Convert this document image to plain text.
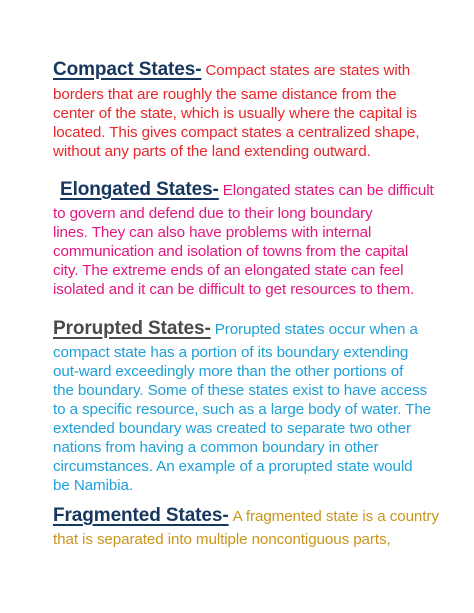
Compact States- Compact states are states with
borders that are roughly the same distance from the
center of the state, which is usually where the capital is
located. This gives compact states a centralized shape,
without any parts of the land extending outward.
Elongated States- Elongated states can be difficult
to govern and defend due to their long boundary
lines. They can also have problems with internal
communication and isolation of towns from the capital
city. The extreme ends of an elongated state can feel
isolated and it can be difficult to get resources to them.
Prorupted States- Prorupted states occur when a
compact state has a portion of its boundary extending
out-ward exceedingly more than the other portions of
the boundary. Some of these states exist to have access
to a specific resource, such as a large body of water. The
extended boundary was created to separate two other
nations from having a common boundary in other
circumstances. An example of a prorupted state would
be Namibia.
Fragmented States- A fragmented state is a country
that is separated into multiple noncontiguous parts,
